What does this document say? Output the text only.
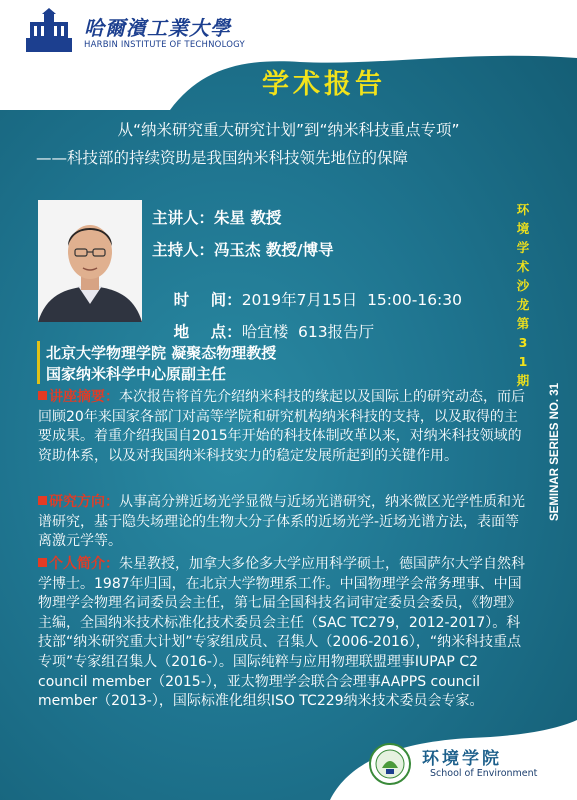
哈爾濱工業大學
HARBIN INSTITUTE OF TECHNOLOGY
学术报告
从“纳米研究重大研究计划”到“纳米科技重点专项”
——科技部的持续资助是我国纳米科技领先地位的保障
主讲人：朱星 教授
主持人：冯玉杰 教授/博导

时    间：2019年7月15日  15:00-16:30

地    点：哈宜楼  613报告厅

环境学术沙龙第31期
SEMINAR SERIES NO. 31
北京大学物理学院 凝聚态物理教授
国家纳米科学中心原副主任
讲座摘要：本次报告将首先介绍纳米科技的缘起以及国际上的研究动态，而后回顾20年来国家各部门对高等学院和研究机构纳米科技的支持，以及取得的主要成果。着重介绍我国自2015年开始的科技体制改革以来，对纳米科技领域的资助体系，以及对我国纳米科技实力的稳定发展所起到的关键作用。
研究方向：从事高分辨近场光学显微与近场光谱研究，纳米微区光学性质和光谱研究，基于隐失场理论的生物大分子体系的近场光学-近场光谱方法，表面等离激元学等。
个人简介：朱星教授，加拿大多伦多大学应用科学硕士，德国萨尔大学自然科学博士。1987年归国，在北京大学物理系工作。中国物理学会常务理事、中国物理学会物理名词委员会主任，第七届全国科技名词审定委员会委员，《物理》主编，全国纳米技术标准化技术委员会主任（SAC TC279，2012-2017）。科技部“纳米研究重大计划”专家组成员、召集人（2006-2016），“纳米科技重点专项”专家组召集人（2016-）。国际纯粹与应用物理联盟理事IUPAP C2 council member（2015-），亚太物理学会联合会理事AAPPS council member（2013-），国际标准化组织ISO TC229纳米技术委员会专家。
环境学院
School of Environment
